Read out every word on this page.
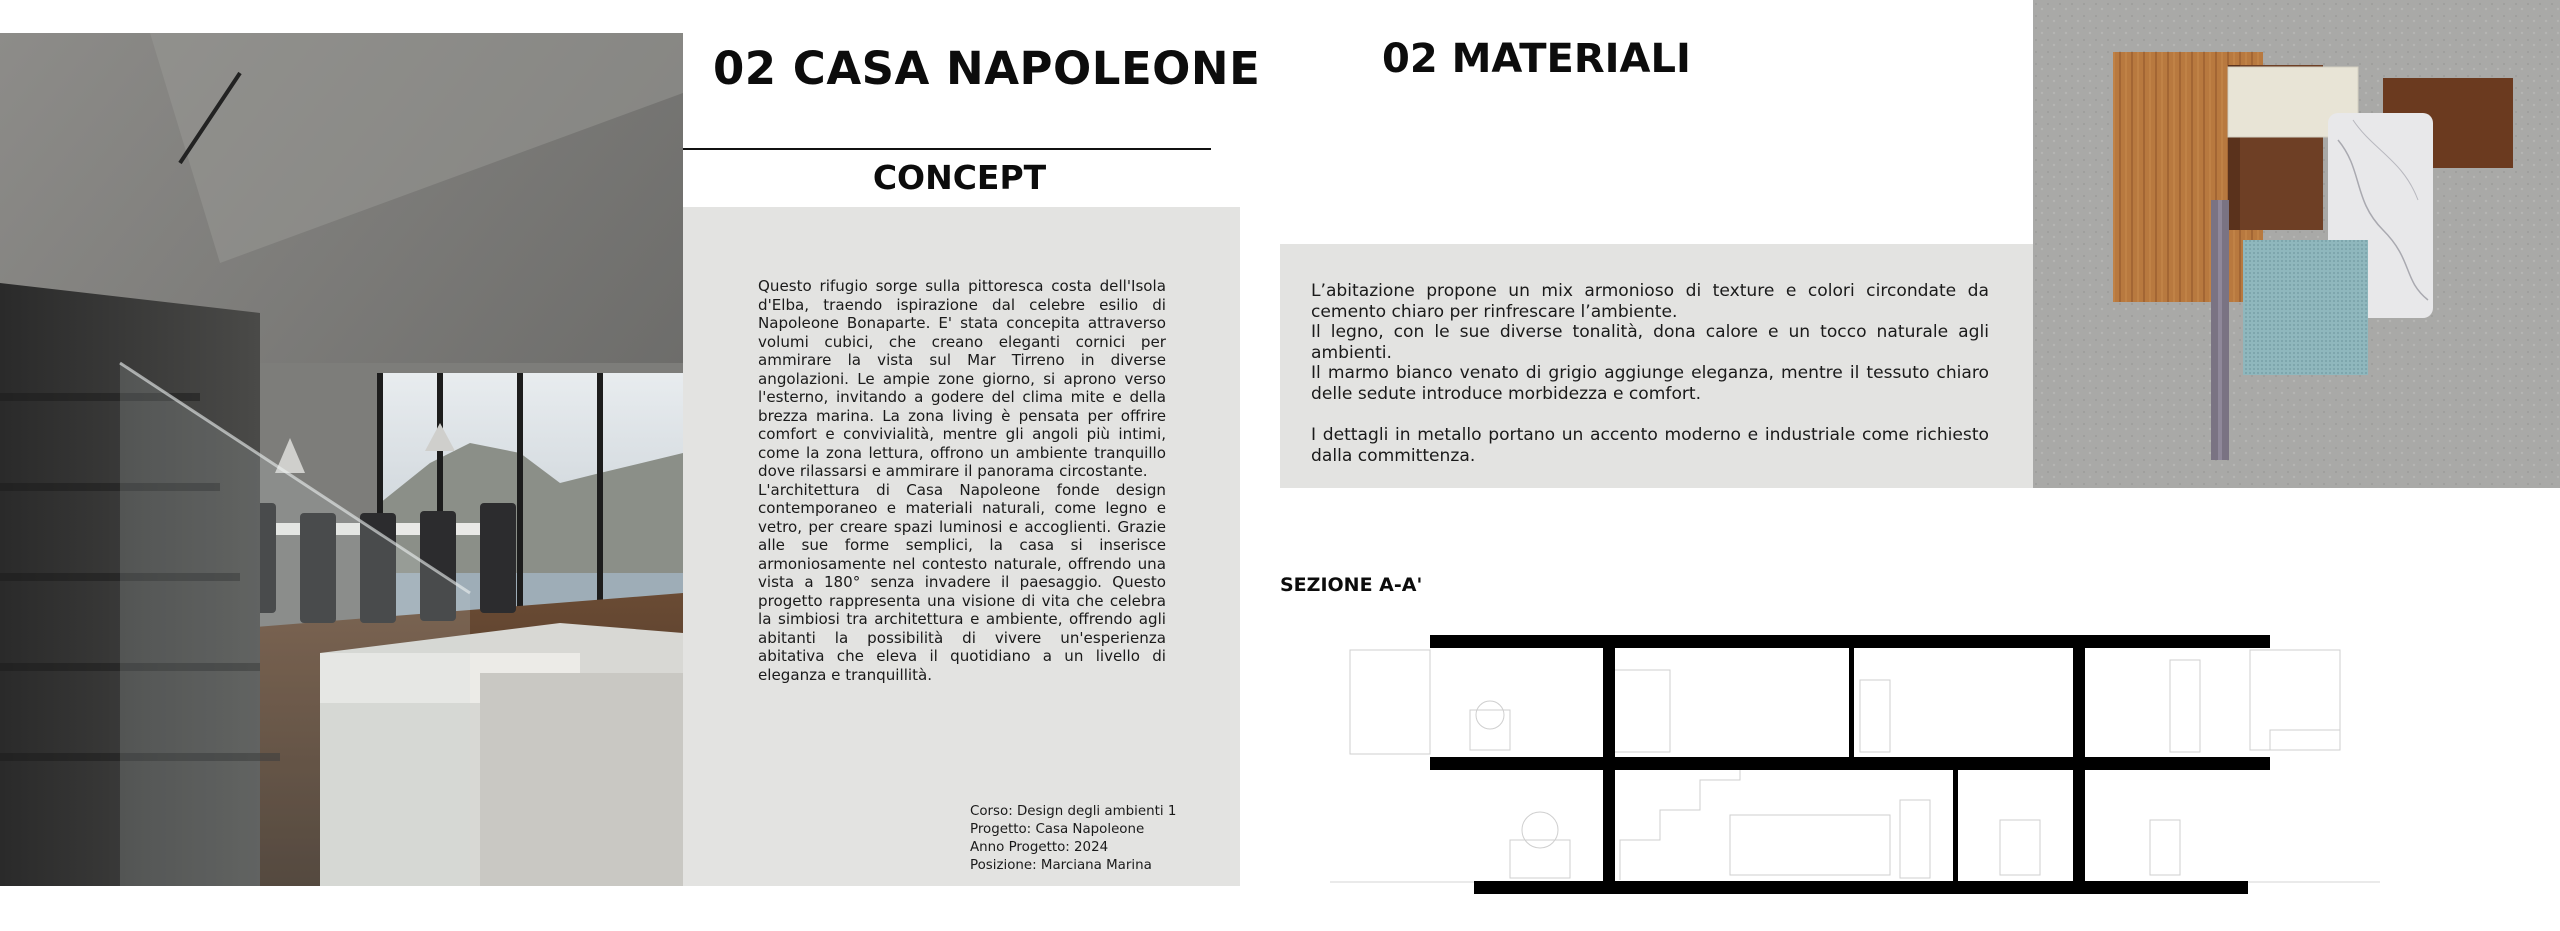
02 CASA NAPOLEONE
CONCEPT

Questo rifugio sorge sulla pittoresca costa dell'Isola d'Elba, traendo ispirazione dal celebre esilio di Napoleone Bonaparte. E' stata concepita attraverso volumi cubici, che creano eleganti cornici per ammirare la vista sul Mar Tirreno in diverse angolazioni. Le ampie zone giorno, si aprono verso l'esterno, invitando a godere del clima mite e della brezza marina. La zona living è pensata per offrire comfort e convivialità, mentre gli angoli più intimi, come la zona lettura, offrono un ambiente tranquillo dove rilassarsi e ammirare il panorama circostante.

L'architettura di Casa Napoleone fonde design contemporaneo e materiali naturali, come legno e vetro, per creare spazi luminosi e accoglienti. Grazie alle sue forme semplici, la casa si inserisce armoniosamente nel contesto naturale, offrendo una vista a 180° senza invadere il paesaggio. Questo progetto rappresenta una visione di vita che celebra la simbiosi tra architettura e ambiente, offrendo agli abitanti la possibilità di vivere un'esperienza abitativa che eleva il quotidiano a un livello di eleganza e tranquillità.

Corso: Design degli ambienti 1
Progetto: Casa Napoleone
Anno Progetto: 2024
Posizione: Marciana Marina
02 MATERIALI

L’abitazione propone un mix armonioso di texture e colori circondate da cemento chiaro per rinfrescare l’ambiente.

Il legno, con le sue diverse tonalità, dona calore e un tocco naturale agli ambienti.

Il marmo bianco venato di grigio aggiunge eleganza, mentre il tessuto chiaro delle sedute introduce morbidezza e comfort.

I dettagli in metallo portano un accento moderno e industriale come richiesto dalla committenza.

SEZIONE A-A'
